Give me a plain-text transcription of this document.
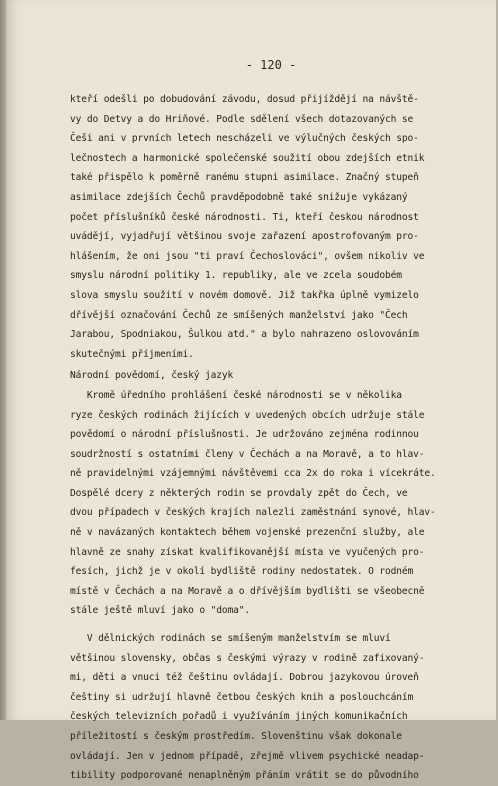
- 120 -
kteří odešli po dobudování závodu, dosud přijíždějí na návště-
vy do Detvy a do Hriňové. Podle sdělení všech dotazovaných se
Češi ani v prvních letech nescházeli ve výlučných českých spo-
lečnostech a harmonické společenské soužití obou zdejších etnik
také přispělo k poměrně ranému stupni asimilace. Značný stupeň
asimilace zdejších Čechů pravděpodobně také snižuje vykázaný
počet příslušníků české národnosti. Ti, kteří českou národnost
uvádějí, vyjadřují většinou svoje zařazení apostrofovaným pro-
hlášením, že oni jsou "ti praví Čechoslováci", ovšem nikoliv ve
smyslu národní politiky 1. republiky, ale ve zcela soudobém
slova smyslu soužití v novém domově. Již takřka úplně vymizelo
dřívější označování Čechů ze smíšených manželství jako "Čech
Jarabou, Spodniakou, Šulkou atd." a bylo nahrazeno oslovováním
skutečnými příjmeními.
Národní povědomí, český jazyk
Kromě úředního prohlášení české národnosti se v několika
ryze českých rodinách žijících v uvedených obcích udržuje stále
povědomí o národní příslušnosti. Je udržováno zejména rodinnou
soudržností s ostatními členy v Čechách a na Moravě, a to hlav-
ně pravidelnými vzájemnými návštěvemi cca 2x do roka i vícekráte.
Dospělé dcery z některých rodin se provdaly zpět do Čech, ve
dvou případech v českých krajích nalezli zaměstnání synové, hlav-
ně v navázaných kontaktech během vojenské prezenční služby, ale
hlavně ze snahy získat kvalifikovanější místa ve vyučených pro-
fesích, jichž je v okolí bydliště rodiny nedostatek. O rodném
místě v Čechách a na Moravě a o dřívějším bydlišti se všeobecně
stále ještě mluví jako o "doma".
V dělnických rodinách se smíšeným manželstvím se mluví
většinou slovensky, občas s českými výrazy v rodině zafixovaný-
mi, děti a vnuci též češtinu ovládají. Dobrou jazykovou úroveň
češtiny si udržují hlavně četbou českých knih a poslouchcáním
českých televizních pořadů i využíváním jiných komunikačních
příležitostí s českým prostředím. Slovenštinu však dokonale
ovládají. Jen v jednom případě, zřejmě vlivem psychické neadap-
tibility podporované nenaplněným přáním vrátit se do původního
